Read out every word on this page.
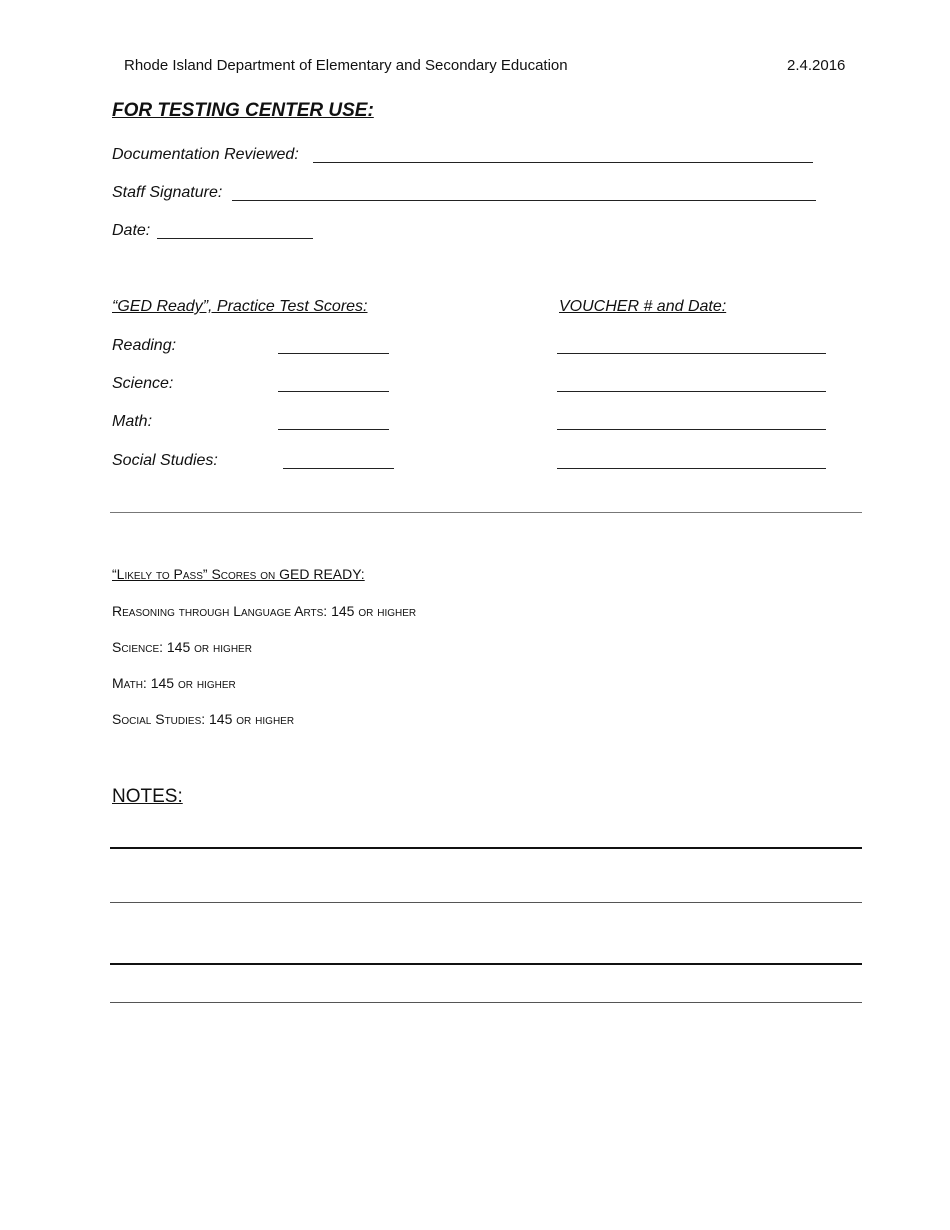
Rhode Island Department of Elementary and Secondary Education	2.4.2016
FOR TESTING CENTER USE:
Documentation Reviewed:
Staff Signature:
Date:
“GED Ready”, Practice Test Scores:	VOUCHER # and Date:
Reading:
Science:
Math:
Social Studies:
“Likely to Pass” Scores on GED READY:
Reasoning through Language Arts: 145 or higher
Science: 145 or higher
Math: 145 or higher
Social Studies: 145 or higher
NOTES:
